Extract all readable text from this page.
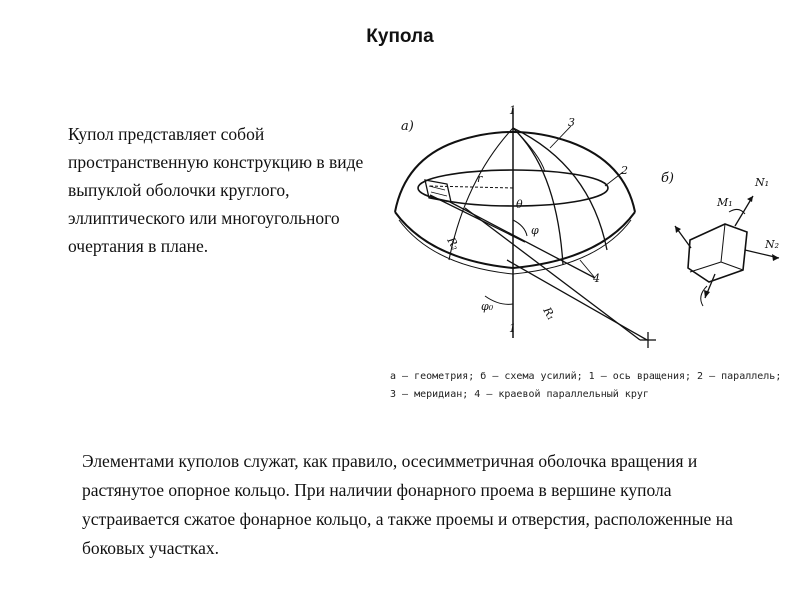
Купола
Купол представляет собой пространственную конструкцию в виде выпуклой оболочки круглого, эллиптического или многоугольного очертания в плане.
а)
1
1
3
2
4
r
θ
φ
φ₀
R₂
R₁
б)
M₁
N₁
N₂
а — геометрия; б — схема усилий; 1 — ось вращения; 2 — параллель; 3 — меридиан; 4 — краевой параллельный круг
Элементами куполов служат, как правило, осесимметричная оболочка вращения и растянутое опорное кольцо. При наличии фонарного проема в вершине купола устраивается сжатое фонарное кольцо, а также проемы и отверстия, расположенные на боковых участках.
